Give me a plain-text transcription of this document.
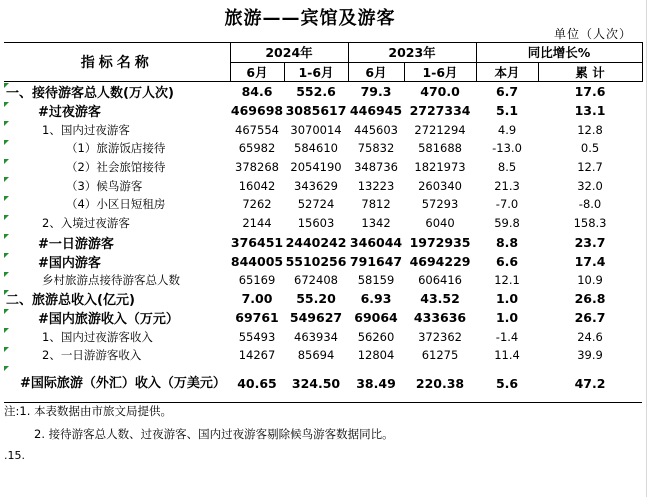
旅游——宾馆及游客
单位（人次）
指标名称	2024年		2023年		同比增长%	
	6月	1-6月	6月	1-6月	本月	累 计
一、接待游客总人数(万人次)	84.6	552.6	79.3	470.0	6.7	17.6
#过夜游客	469698	3085617	446945	2727334	5.1	13.1
1、国内过夜游客	467554	3070014	445603	2721294	4.9	12.8
（1）旅游饭店接待	65982	584610	75832	581688	-13.0	0.5
（2）社会旅馆接待	378268	2054190	348736	1821973	8.5	12.7
（3）候鸟游客	16042	343629	13223	260340	21.3	32.0
（4）小区日短租房	7262	52724	7812	57293	-7.0	-8.0
2、入境过夜游客	2144	15603	1342	6040	59.8	158.3
#一日游游客	376451	2440242	346044	1972935	8.8	23.7
#国内游客	844005	5510256	791647	4694229	6.6	17.4
乡村旅游点接待游客总人数	65169	672408	58159	606416	12.1	10.9
二、旅游总收入(亿元)	7.00	55.20	6.93	43.52	1.0	26.8
#国内旅游收入（万元）	69761	549627	69064	433636	1.0	26.7
1、国内过夜游客收入	55493	463934	56260	372362	-1.4	24.6
2、一日游游客收入	14267	85694	12804	61275	11.4	39.9
#国际旅游（外汇）收入（万美元）	40.65	324.50	38.49	220.38	5.6	47.2
注:1. 本表数据由市旅文局提供。
2. 接待游客总人数、过夜游客、国内过夜游客剔除候鸟游客数据同比。
.15.
